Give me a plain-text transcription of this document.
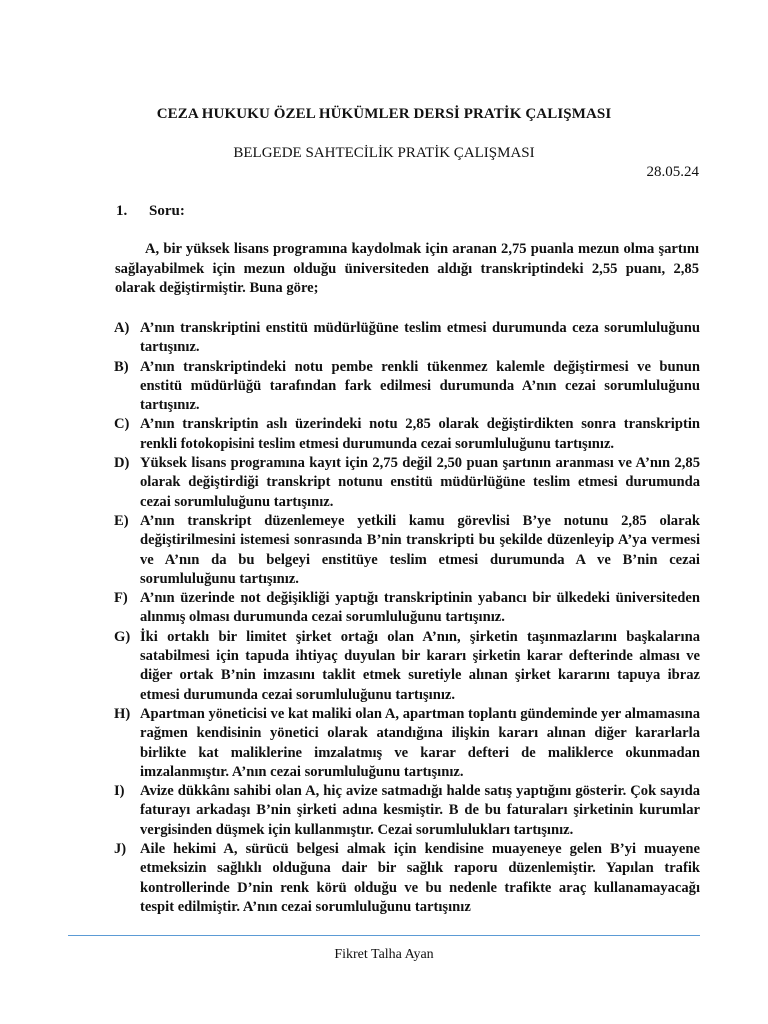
CEZA HUKUKU ÖZEL HÜKÜMLER DERSİ PRATİK ÇALIŞMASI
BELGEDE SAHTECİLİK PRATİK ÇALIŞMASI
28.05.24
1. Soru:

A, bir yüksek lisans programına kaydolmak için aranan 2,75 puanla mezun olma şartını sağlayabilmek için mezun olduğu üniversiteden aldığı transkriptindeki 2,55 puanı, 2,85 olarak değiştirmiştir. Buna göre;

A) A’nın transkriptini enstitü müdürlüğüne teslim etmesi durumunda ceza sorumluluğunu tartışınız.
B) A’nın transkriptindeki notu pembe renkli tükenmez kalemle değiştirmesi ve bunun enstitü müdürlüğü tarafından fark edilmesi durumunda A’nın cezai sorumluluğunu tartışınız.
C) A’nın transkriptin aslı üzerindeki notu 2,85 olarak değiştirdikten sonra transkriptin renkli fotokopisini teslim etmesi durumunda cezai sorumluluğunu tartışınız.
D) Yüksek lisans programına kayıt için 2,75 değil 2,50 puan şartının aranması ve A’nın 2,85 olarak değiştirdiği transkript notunu enstitü müdürlüğüne teslim etmesi durumunda cezai sorumluluğunu tartışınız.
E) A’nın transkript düzenlemeye yetkili kamu görevlisi B’ye notunu 2,85 olarak değiştirilmesini istemesi sonrasında B’nin transkripti bu şekilde düzenleyip A’ya vermesi ve A’nın da bu belgeyi enstitüye teslim etmesi durumunda A ve B’nin cezai sorumluluğunu tartışınız.
F) A’nın üzerinde not değişikliği yaptığı transkriptinin yabancı bir ülkedeki üniversiteden alınmış olması durumunda cezai sorumluluğunu tartışınız.
G) İki ortaklı bir limitet şirket ortağı olan A’nın, şirketin taşınmazlarını başkalarına satabilmesi için tapuda ihtiyaç duyulan bir kararı şirketin karar defterinde alması ve diğer ortak B’nin imzasını taklit etmek suretiyle alınan şirket kararını tapuya ibraz etmesi durumunda cezai sorumluluğunu tartışınız.
H) Apartman yöneticisi ve kat maliki olan A, apartman toplantı gündeminde yer almamasına rağmen kendisinin yönetici olarak atandığına ilişkin kararı alınan diğer kararlarla birlikte kat maliklerine imzalatmış ve karar defteri de maliklerce okunmadan imzalanmıştır. A’nın cezai sorumluluğunu tartışınız.
I)	Avize dükkânı sahibi olan A, hiç avize satmadığı halde satış yaptığını gösterir. Çok sayıda faturayı arkadaşı B’nin şirketi adına kesmiştir. B de bu faturaları şirketinin kurumlar vergisinden düşmek için kullanmıştır. Cezai sorumlulukları tartışınız.
J) Aile hekimi A, sürücü belgesi almak için kendisine muayeneye gelen B’yi muayene etmeksizin sağlıklı olduğuna dair bir sağlık raporu düzenlemiştir. Yapılan trafik kontrollerinde D’nin renk körü olduğu ve bu nedenle trafikte araç kullanamayacağı tespit edilmiştir. A’nın cezai sorumluluğunu tartışınız
Fikret Talha Ayan
